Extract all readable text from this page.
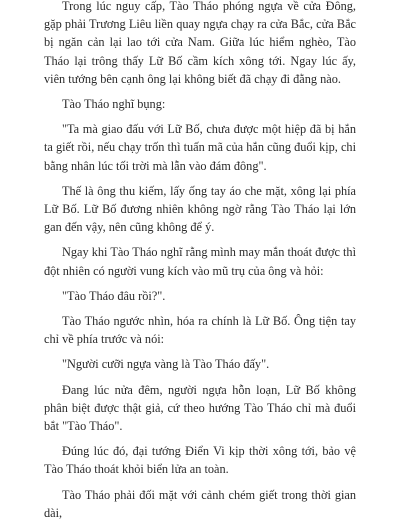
Trong lúc nguy cấp, Tào Tháo phóng ngựa về cửa Đông, gặp phải Trương Liêu liền quay ngựa chạy ra cửa Bắc, cửa Bắc bị ngăn cản lại lao tới cửa Nam. Giữa lúc hiểm nghèo, Tào Tháo lại trông thấy Lữ Bố cầm kích xông tới. Ngay lúc ấy, viên tướng bên cạnh ông lại không biết đã chạy đi đằng nào.

Tào Tháo nghĩ bụng:

"Ta mà giao đấu với Lữ Bố, chưa được một hiệp đã bị hắn ta giết rồi, nếu chạy trốn thì tuấn mã của hắn cũng đuổi kịp, chi bằng nhân lúc tối trời mà lẫn vào đám đông".

Thế là ông thu kiếm, lấy ống tay áo che mặt, xông lại phía Lữ Bố. Lữ Bố đương nhiên không ngờ rằng Tào Tháo lại lớn gan đến vậy, nên cũng không để ý.

Ngay khi Tào Tháo nghĩ rằng mình may mắn thoát được thì đột nhiên có người vung kích vào mũ trụ của ông và hỏi:

"Tào Tháo đâu rồi?".

Tào Tháo ngước nhìn, hóa ra chính là Lữ Bố. Ông tiện tay chỉ về phía trước và nói:

"Người cưỡi ngựa vàng là Tào Tháo đấy".

Đang lúc nửa đêm, người ngựa hỗn loạn, Lữ Bố không phân biệt được thật giả, cứ theo hướng Tào Tháo chỉ mà đuổi bắt "Tào Tháo".

Đúng lúc đó, đại tướng Điển Vi kịp thời xông tới, bảo vệ Tào Tháo thoát khỏi biển lửa an toàn.

Tào Tháo phải đối mặt với cảnh chém giết trong thời gian dài,
